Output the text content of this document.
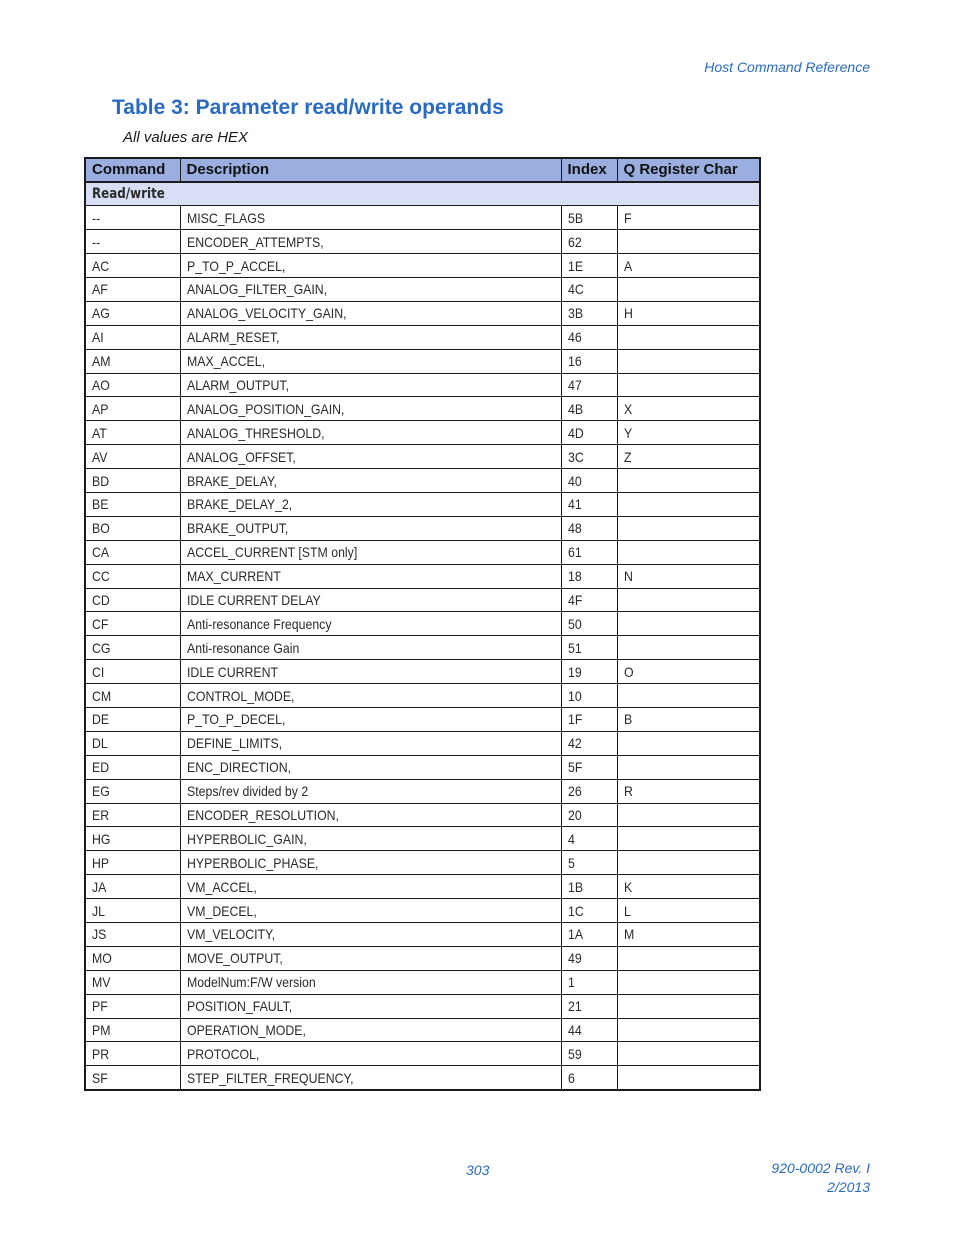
Host Command Reference
Table 3: Parameter read/write operands
All values are HEX
Command	Description	Index	Q Register Char
Read/write			
--	MISC_FLAGS	5B	F
--	ENCODER_ATTEMPTS,	62	
AC	P_TO_P_ACCEL,	1E	A
AF	ANALOG_FILTER_GAIN,	4C	
AG	ANALOG_VELOCITY_GAIN,	3B	H
AI	ALARM_RESET,	46	
AM	MAX_ACCEL,	16	
AO	ALARM_OUTPUT,	47	
AP	ANALOG_POSITION_GAIN,	4B	X
AT	ANALOG_THRESHOLD,	4D	Y
AV	ANALOG_OFFSET,	3C	Z
BD	BRAKE_DELAY,	40	
BE	BRAKE_DELAY_2,	41	
BO	BRAKE_OUTPUT,	48	
CA	ACCEL_CURRENT [STM only]	61	
CC	MAX_CURRENT	18	N
CD	IDLE CURRENT DELAY	4F	
CF	Anti-resonance Frequency	50	
CG	Anti-resonance Gain	51	
CI	IDLE CURRENT	19	O
CM	CONTROL_MODE,	10	
DE	P_TO_P_DECEL,	1F	B
DL	DEFINE_LIMITS,	42	
ED	ENC_DIRECTION,	5F	
EG	Steps/rev divided by 2	26	R
ER	ENCODER_RESOLUTION,	20	
HG	HYPERBOLIC_GAIN,	4	
HP	HYPERBOLIC_PHASE,	5	
JA	VM_ACCEL,	1B	K
JL	VM_DECEL,	1C	L
JS	VM_VELOCITY,	1A	M
MO	MOVE_OUTPUT,	49	
MV	ModelNum:F/W version	1	
PF	POSITION_FAULT,	21	
PM	OPERATION_MODE,	44	
PR	PROTOCOL,	59	
SF	STEP_FILTER_FREQUENCY,	6	
303	920-0002 Rev. I
2/2013
